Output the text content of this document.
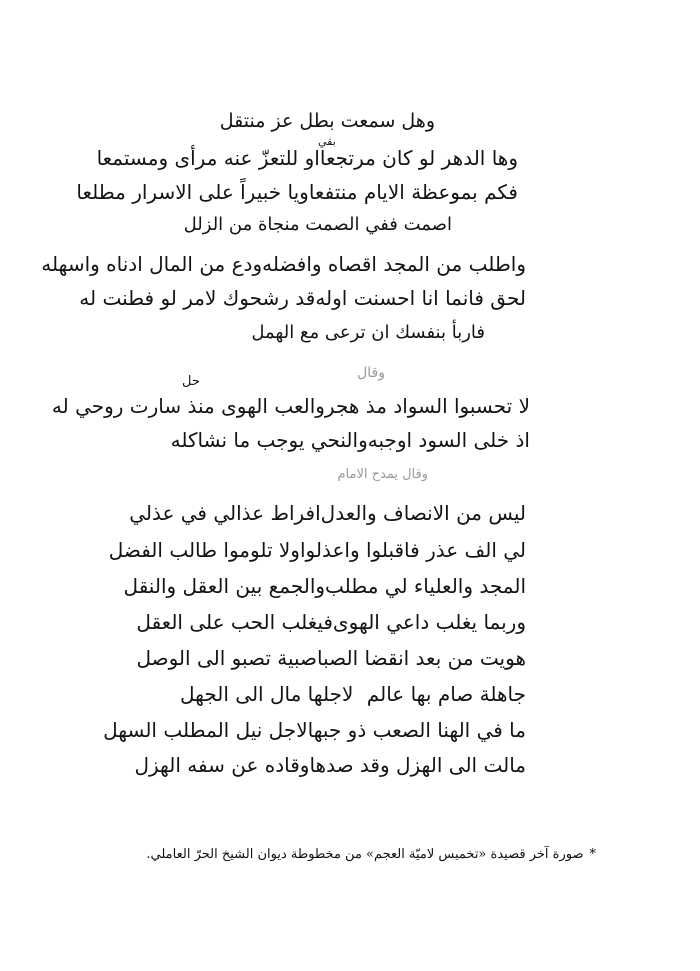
وهل سمعت بطل عز منتقل
بقي
وها الدهر لو كان مرتجعا
او للتعزّ عنه مرأى ومستمعا
فكم بموعظة الايام منتفعا
ويا خبيراً على الاسرار مطلعا
اصمت ففي الصمت منجاة من الزلل
واطلب من المجد اقصاه وافضله
ودع من المال ادناه واسهله
لحق فانما انا احسنت اوله
قد رشحوك لامر لو فطنت له
فاربأ بنفسك ان ترعى مع الهمل
وقال
حل
لا تحسبوا السواد مذ هجروا
لعب الهوى منذ سارت روحي له
اذ خلى السود اوجبه
والنحي يوجب ما نشاكله
وقال يمدح الامام
ليس من الانصاف والعدل
افراط عذالي في عذلي
لي الف عذر فاقبلوا واعذلوا
ولا تلوموا طالب الفضل
المجد والعلياء لي مطلب
والجمع بين العقل والنقل
وربما يغلب داعي الهوى
فيغلب الحب على العقل
هويت من بعد انقضا الصبا
صبية تصبو الى الوصل
جاهلة صام بها عالم
لاجلها مال الى الجهل
ما في الهنا الصعب ذو جبها
لاجل نيل المطلب السهل
مالت الى الهزل وقد صدها
وقاده عن سفه الهزل
*صورة آخر قصيدة «تخميس لاميّة العجم» من مخطوطة ديوان الشيخ الحرّ العاملي.
